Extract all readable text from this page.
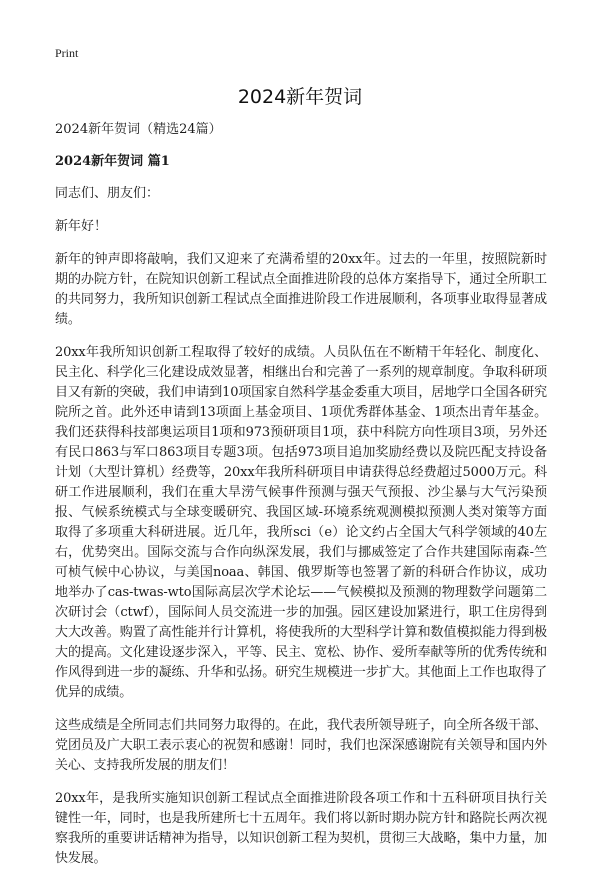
Print
2024新年贺词

2024新年贺词（精选24篇）

2024新年贺词 篇1

同志们、朋友们：

新年好！

新年的钟声即将敲响，我们又迎来了充满希望的20xx年。过去的一年里，按照院新时期的办院方针，在院知识创新工程试点全面推进阶段的总体方案指导下，通过全所职工的共同努力，我所知识创新工程试点全面推进阶段工作进展顺利，各项事业取得显著成绩。

20xx年我所知识创新工程取得了较好的成绩。人员队伍在不断精干年轻化、制度化、民主化、科学化三化建设成效显著，相继出台和完善了一系列的规章制度。争取科研项目又有新的突破，我们申请到10项国家自然科学基金委重大项目，居地学口全国各研究院所之首。此外还申请到13项面上基金项目、1项优秀群体基金、1项杰出青年基金。我们还获得科技部奥运项目1项和973预研项目1项，获中科院方向性项目3项，另外还有民口863与军口863项目专题3项。包括973项目追加奖励经费以及院匹配支持设备计划（大型计算机）经费等，20xx年我所科研项目申请获得总经费超过5000万元。科研工作进展顺利，我们在重大旱涝气候事件预测与强天气预报、沙尘暴与大气污染预报、气候系统模式与全球变暖研究、我国区域-环境系统观测模拟预测人类对策等方面取得了多项重大科研进展。近几年，我所sci（e）论文约占全国大气科学领域的40左右，优势突出。国际交流与合作向纵深发展，我们与挪威签定了合作共建国际南森-竺可桢气候中心协议，与美国noaa、韩国、俄罗斯等也签署了新的科研合作协议，成功地举办了cas-twas-wto国际高层次学术论坛——气候模拟及预测的物理数学问题第二次研讨会（ctwf），国际间人员交流进一步的加强。园区建设加紧进行，职工住房得到大大改善。购置了高性能并行计算机，将使我所的大型科学计算和数值模拟能力得到极大的提高。文化建设逐步深入，平等、民主、宽松、协作、爱所奉献等所的优秀传统和作风得到进一步的凝练、升华和弘扬。研究生规模进一步扩大。其他面上工作也取得了优异的成绩。

这些成绩是全所同志们共同努力取得的。在此，我代表所领导班子，向全所各级干部、党团员及广大职工表示衷心的祝贺和感谢！同时，我们也深深感谢院有关领导和国内外关心、支持我所发展的朋友们！

20xx年，是我所实施知识创新工程试点全面推进阶段各项工作和十五科研项目执行关键性一年，同时，也是我所建所七十五周年。我们将以新时期办院方针和路院长两次视察我所的重要讲话精神为指导，以知识创新工程为契机，贯彻三大战略，集中力量，加快发展。
